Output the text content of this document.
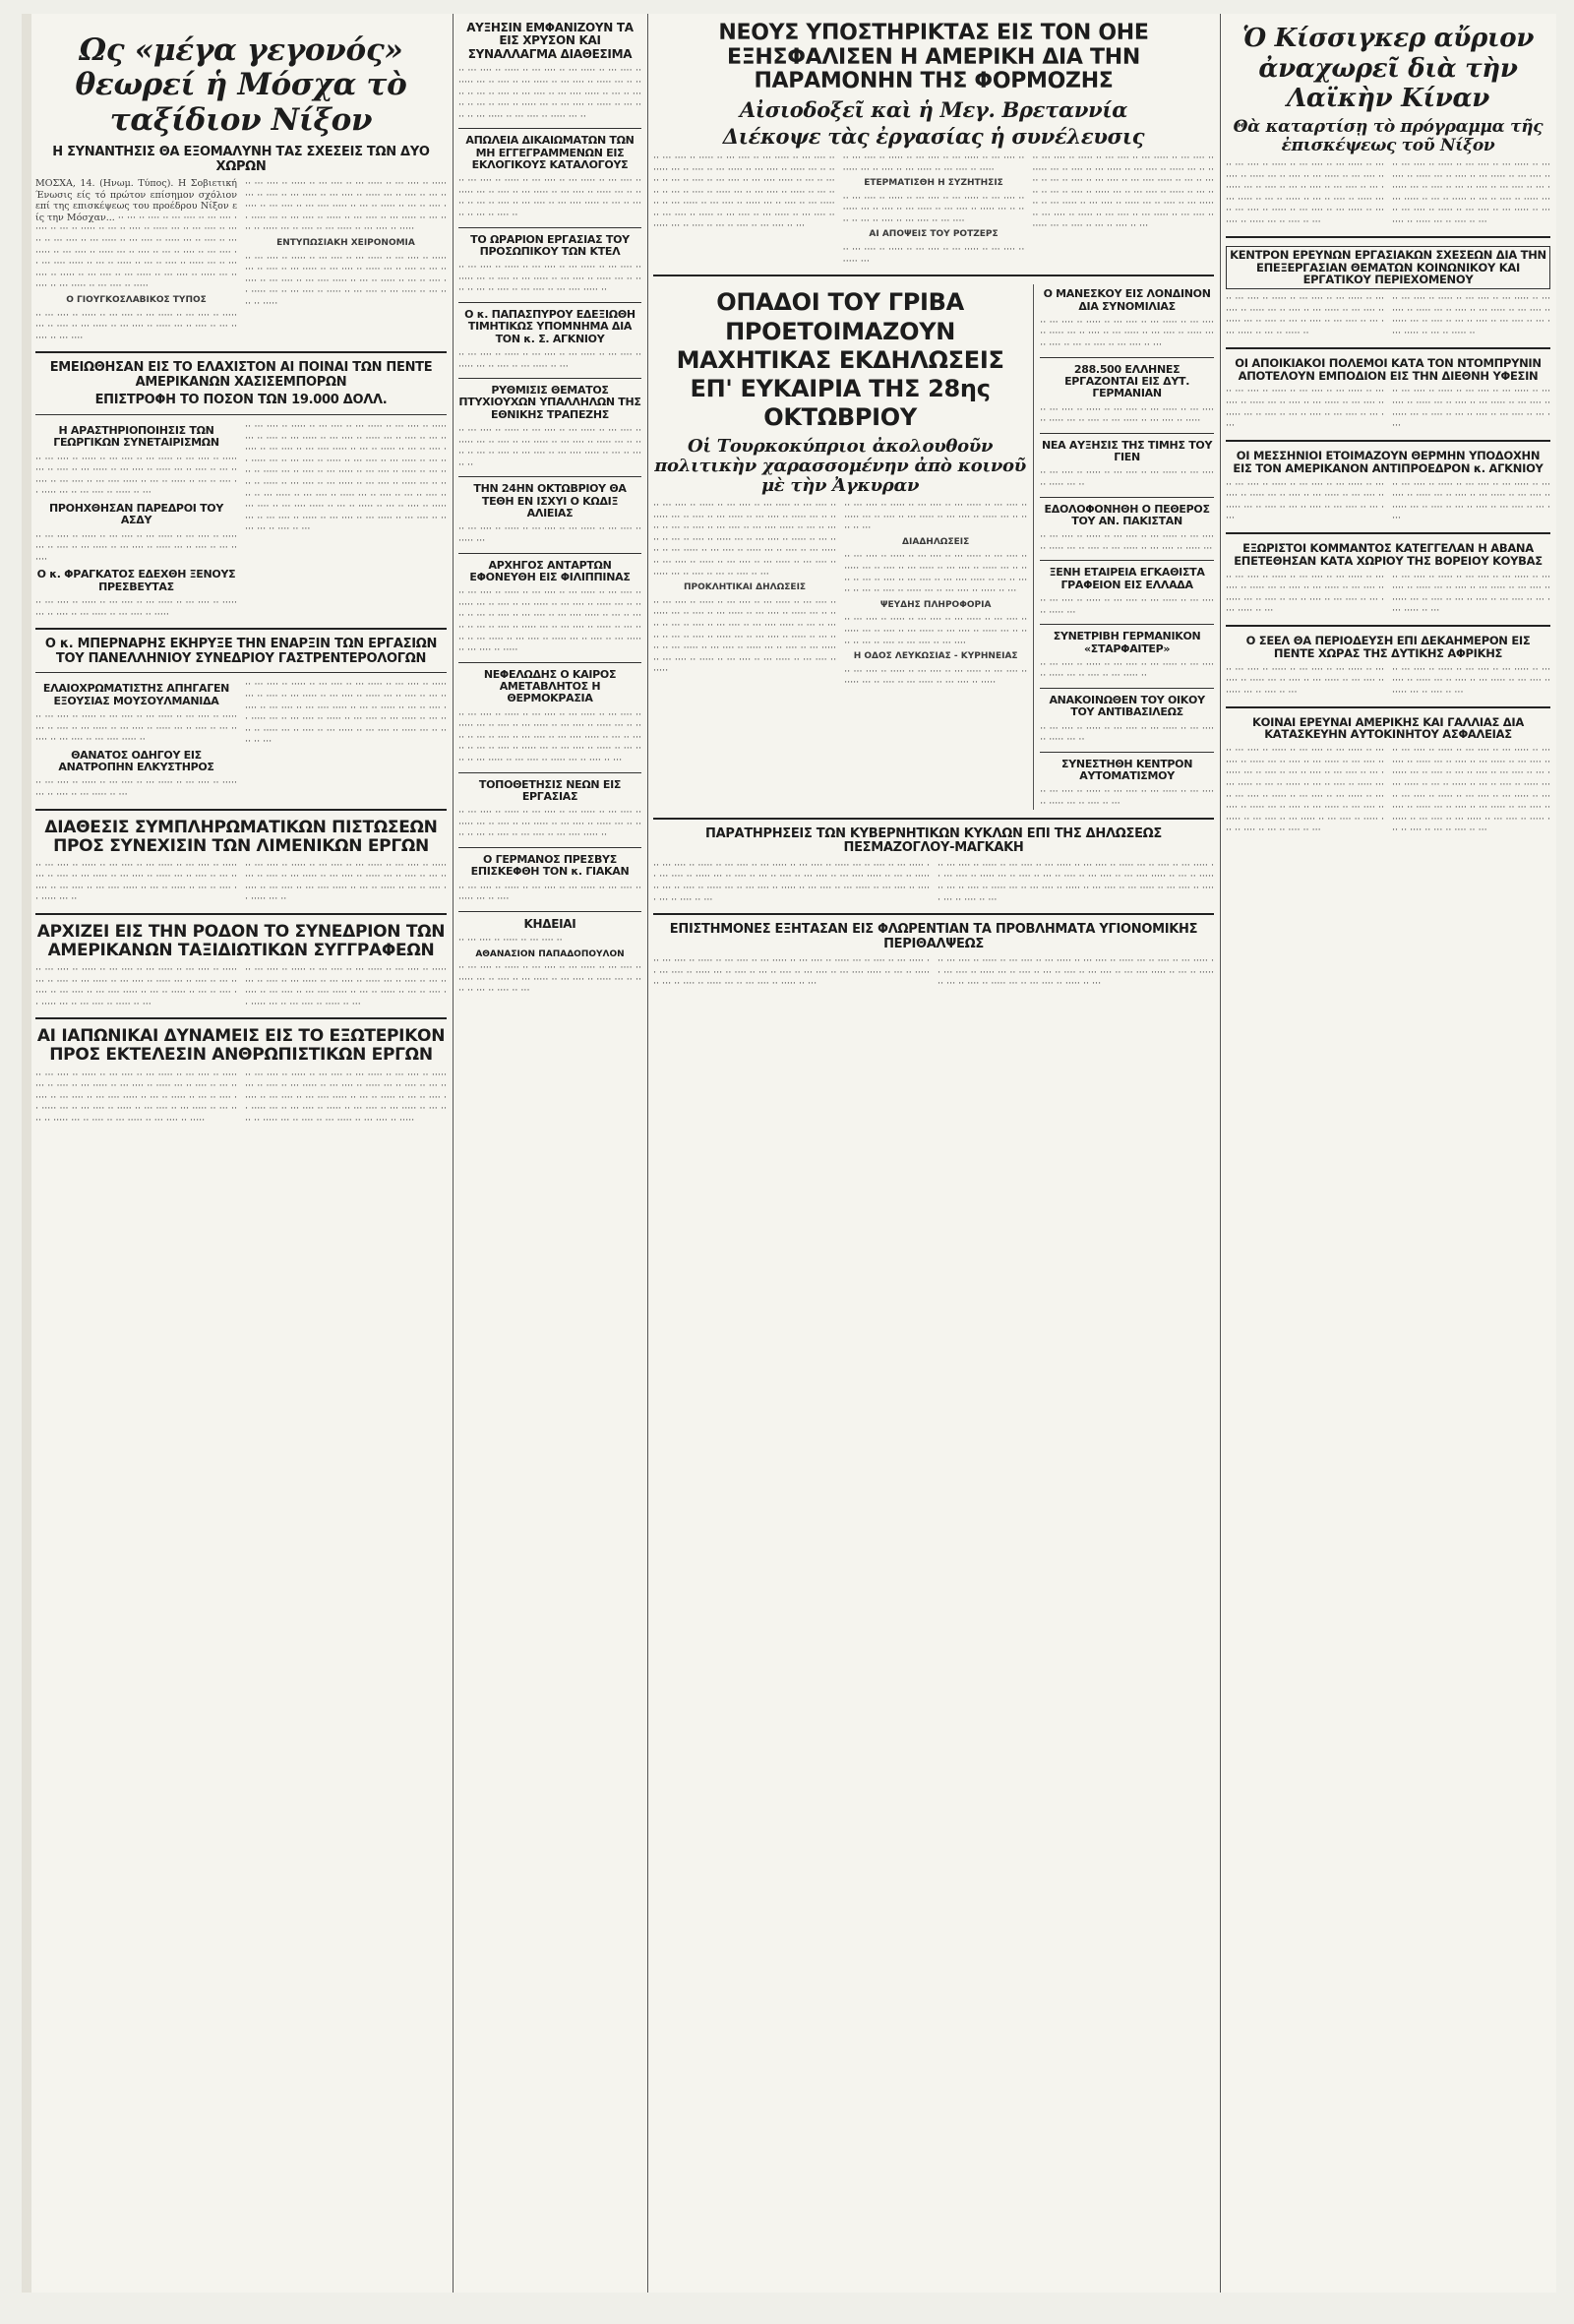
Ως «μέγα γεγονός» θεωρεί ἡ Μόσχα τὸ ταξίδιον Νίξον
Η ΣΥΝΑΝΤΗΣΙΣ ΘΑ ΕΞΟΜΑΛΥΝΗ ΤΑΣ ΣΧΕΣΕΙΣ ΤΩΝ ΔΥΟ ΧΩΡΩΝ
ΜΟΣΧΑ, 14. (Ηνωμ. Τύπος). Η Σοβιετική Ένωσις είς τό πρώτον επίσημον σχόλιον επί της επισκέψεως του προέδρου Νίξον είς την Μόσχαν... ·· ··· ·· ···· ·· ··· ···· ·· ··· ···· ····· ·· ··· ·· ····· ·· ··· ·· ···· ·· ····· ··· ·· ··· ···· ·· ····· ·· ··· ···· ·· ··· ····· ·· ··· ···· ·· ····· ··· ·· ···· ·· ··· ····· ·· ··· ···· ·· ····· ··· ·· ···· ·· ··· ·· ···· ·· ··· ···· ·· ··· ···· ····· ·· ··· ·· ····· ·· ··· ·· ···· ·· ····· ··· ·· ··· ···· ·· ····· ·· ··· ···· ·· ··· ····· ·· ··· ···· ·· ····· ··· ·· ···· ·· ··· ····· ·· ··· ···· ·· ·····
Ο ΓΙΟΥΓΚΟΣΛΑΒΙΚΟΣ ΤΥΠΟΣ
·· ··· ···· ·· ····· ·· ··· ···· ·· ··· ····· ·· ··· ···· ·· ····· ··· ·· ···· ·· ··· ····· ·· ··· ···· ·· ····· ··· ·· ···· ·· ··· ·· ···· ·· ··· ····
·· ··· ···· ·· ····· ·· ··· ···· ·· ··· ····· ·· ··· ···· ·· ····· ··· ·· ···· ·· ··· ····· ·· ··· ···· ·· ····· ··· ·· ···· ·· ··· ·· ···· ·· ··· ···· ·· ··· ···· ····· ·· ··· ·· ····· ·· ··· ·· ···· ·· ····· ··· ·· ··· ···· ·· ····· ·· ··· ···· ·· ··· ····· ·· ··· ···· ·· ····· ··· ·· ···· ·· ··· ····· ·· ··· ···· ·· ·····
ΕΝΤΥΠΩΣΙΑΚΗ ΧΕΙΡΟΝΟΜΙΑ
·· ··· ···· ·· ····· ·· ··· ···· ·· ··· ····· ·· ··· ···· ·· ····· ··· ·· ···· ·· ··· ····· ·· ··· ···· ·· ····· ··· ·· ···· ·· ··· ·· ···· ·· ··· ···· ·· ··· ···· ····· ·· ··· ·· ····· ·· ··· ·· ···· ·· ····· ··· ·· ··· ···· ·· ····· ·· ··· ···· ·· ··· ····· ·· ··· ···· ·· ·····
ΕΜΕΙΩΘΗΣΑΝ ΕΙΣ ΤΟ ΕΛΑΧΙΣΤΟΝ ΑΙ ΠΟΙΝΑΙ ΤΩΝ ΠΕΝΤΕ ΑΜΕΡΙΚΑΝΩΝ ΧΑΣΙΣΕΜΠΟΡΩΝ
ΕΠΙΣΤΡΟΦΗ ΤΟ ΠΟΣΟΝ ΤΩΝ 19.000 ΔΟΛΛ.
Η ΑΡΑΣΤΗΡΙΟΠΟΙΗΣΙΣ ΤΩΝ ΓΕΩΡΓΙΚΩΝ ΣΥΝΕΤΑΙΡΙΣΜΩΝ
·· ··· ···· ·· ····· ·· ··· ···· ·· ··· ····· ·· ··· ···· ·· ····· ··· ·· ···· ·· ··· ····· ·· ··· ···· ·· ····· ··· ·· ···· ·· ··· ·· ···· ·· ··· ···· ·· ··· ···· ····· ·· ··· ·· ····· ·· ··· ·· ···· ·· ····· ··· ·· ··· ···· ·· ····· ·· ···
ΠΡΟΗΧΘΗΣΑΝ ΠΑΡΕΔΡΟΙ ΤΟΥ ΑΣΔΥ
·· ··· ···· ·· ····· ·· ··· ···· ·· ··· ····· ·· ··· ···· ·· ····· ··· ·· ···· ·· ··· ····· ·· ··· ···· ·· ····· ··· ·· ···· ·· ··· ·· ····
Ο κ. ΦΡΑΓΚΑΤΟΣ ΕΔΕΧΘΗ ΞΕΝΟΥΣ ΠΡΕΣΒΕΥΤΑΣ
·· ··· ···· ·· ····· ·· ··· ···· ·· ··· ····· ·· ··· ···· ·· ····· ··· ·· ···· ·· ··· ····· ·· ··· ···· ·· ·····
·· ··· ···· ·· ····· ·· ··· ···· ·· ··· ····· ·· ··· ···· ·· ····· ··· ·· ···· ·· ··· ····· ·· ··· ···· ·· ····· ··· ·· ···· ·· ··· ·· ···· ·· ··· ···· ·· ··· ···· ····· ·· ··· ·· ····· ·· ··· ·· ···· ·· ····· ··· ·· ··· ···· ·· ····· ·· ··· ···· ·· ··· ····· ·· ··· ···· ·· ····· ··· ·· ···· ·· ··· ····· ·· ··· ···· ·· ····· ·· ··· ···· ·· ····· ·· ··· ···· ·· ··· ····· ·· ··· ···· ·· ····· ··· ·· ···· ·· ··· ····· ·· ··· ···· ·· ····· ··· ·· ···· ·· ··· ·· ···· ·· ··· ···· ·· ··· ···· ····· ·· ··· ·· ····· ·· ··· ·· ···· ·· ····· ··· ·· ··· ···· ·· ····· ·· ··· ···· ·· ··· ····· ·· ··· ···· ·· ····· ··· ·· ···· ·· ···
Ο κ. ΜΠΕΡΝΑΡΗΣ ΕΚΗΡΥΞΕ ΤΗΝ ΕΝΑΡΞΙΝ ΤΩΝ ΕΡΓΑΣΙΩΝ ΤΟΥ ΠΑΝΕΛΛΗΝΙΟΥ ΣΥΝΕΔΡΙΟΥ ΓΑΣΤΡΕΝΤΕΡΟΛΟΓΩΝ
ΕΛΑΙΟΧΡΩΜΑΤΙΣΤΗΣ ΑΠΗΓΑΓΕΝ ΕΞΟΥΣΙΑΣ ΜΟΥΣΟΥΛΜΑΝΙΔΑ
·· ··· ···· ·· ····· ·· ··· ···· ·· ··· ····· ·· ··· ···· ·· ····· ··· ·· ···· ·· ··· ····· ·· ··· ···· ·· ····· ··· ·· ···· ·· ··· ·· ···· ·· ··· ···· ·· ··· ···· ····· ··
ΘΑΝΑΤΟΣ ΟΔΗΓΟΥ ΕΙΣ ΑΝΑΤΡΟΠΗΝ ΕΛΚΥΣΤΗΡΟΣ
·· ··· ···· ·· ····· ·· ··· ···· ·· ··· ····· ·· ··· ···· ·· ····· ··· ·· ···· ·· ··· ····· ·· ···
·· ··· ···· ·· ····· ·· ··· ···· ·· ··· ····· ·· ··· ···· ·· ····· ··· ·· ···· ·· ··· ····· ·· ··· ···· ·· ····· ··· ·· ···· ·· ··· ·· ···· ·· ··· ···· ·· ··· ···· ····· ·· ··· ·· ····· ·· ··· ·· ···· ·· ····· ··· ·· ··· ···· ·· ····· ·· ··· ···· ·· ··· ····· ·· ··· ···· ·· ····· ··· ·· ···· ·· ··· ····· ·· ··· ···· ·· ····· ··· ·· ···· ·· ···
ΔΙΑΘΕΣΙΣ ΣΥΜΠΛΗΡΩΜΑΤΙΚΩΝ ΠΙΣΤΩΣΕΩΝ ΠΡΟΣ ΣΥΝΕΧΙΣΙΝ ΤΩΝ ΛΙΜΕΝΙΚΩΝ ΕΡΓΩΝ
·· ··· ···· ·· ····· ·· ··· ···· ·· ··· ····· ·· ··· ···· ·· ····· ··· ·· ···· ·· ··· ····· ·· ··· ···· ·· ····· ··· ·· ···· ·· ··· ·· ···· ·· ··· ···· ·· ··· ···· ····· ·· ··· ·· ····· ·· ··· ·· ···· ·· ····· ··· ··
·· ··· ···· ·· ····· ·· ··· ···· ·· ··· ····· ·· ··· ···· ·· ····· ··· ·· ···· ·· ··· ····· ·· ··· ···· ·· ····· ··· ·· ···· ·· ··· ·· ···· ·· ··· ···· ·· ··· ···· ····· ·· ··· ·· ····· ·· ··· ·· ···· ·· ····· ··· ··
ΑΡΧΙΖΕΙ ΕΙΣ ΤΗΝ ΡΟΔΟΝ ΤΟ ΣΥΝΕΔΡΙΟΝ ΤΩΝ ΑΜΕΡΙΚΑΝΩΝ ΤΑΞΙΔΙΩΤΙΚΩΝ ΣΥΓΓΡΑΦΕΩΝ
·· ··· ···· ·· ····· ·· ··· ···· ·· ··· ····· ·· ··· ···· ·· ····· ··· ·· ···· ·· ··· ····· ·· ··· ···· ·· ····· ··· ·· ···· ·· ··· ·· ···· ·· ··· ···· ·· ··· ···· ····· ·· ··· ·· ····· ·· ··· ·· ···· ·· ····· ··· ·· ··· ···· ·· ····· ·· ···
·· ··· ···· ·· ····· ·· ··· ···· ·· ··· ····· ·· ··· ···· ·· ····· ··· ·· ···· ·· ··· ····· ·· ··· ···· ·· ····· ··· ·· ···· ·· ··· ·· ···· ·· ··· ···· ·· ··· ···· ····· ·· ··· ·· ····· ·· ··· ·· ···· ·· ····· ··· ·· ··· ···· ·· ····· ·· ···
ΑΙ ΙΑΠΩΝΙΚΑΙ ΔΥΝΑΜΕΙΣ ΕΙΣ ΤΟ ΕΞΩΤΕΡΙΚΟΝ ΠΡΟΣ ΕΚΤΕΛΕΣΙΝ ΑΝΘΡΩΠΙΣΤΙΚΩΝ ΕΡΓΩΝ
·· ··· ···· ·· ····· ·· ··· ···· ·· ··· ····· ·· ··· ···· ·· ····· ··· ·· ···· ·· ··· ····· ·· ··· ···· ·· ····· ··· ·· ···· ·· ··· ·· ···· ·· ··· ···· ·· ··· ···· ····· ·· ··· ·· ····· ·· ··· ·· ···· ·· ····· ··· ·· ··· ···· ·· ····· ·· ··· ···· ·· ··· ····· ·· ··· ···· ·· ····· ··· ·· ···· ·· ··· ····· ·· ··· ···· ·· ·····
·· ··· ···· ·· ····· ·· ··· ···· ·· ··· ····· ·· ··· ···· ·· ····· ··· ·· ···· ·· ··· ····· ·· ··· ···· ·· ····· ··· ·· ···· ·· ··· ·· ···· ·· ··· ···· ·· ··· ···· ····· ·· ··· ·· ····· ·· ··· ·· ···· ·· ····· ··· ·· ··· ···· ·· ····· ·· ··· ···· ·· ··· ····· ·· ··· ···· ·· ····· ··· ·· ···· ·· ··· ····· ·· ··· ···· ·· ·····
ΑΥΞΗΣΙΝ ΕΜΦΑΝΙΖΟΥΝ ΤΑ ΕΙΣ ΧΡΥΣΟΝ ΚΑΙ ΣΥΝΑΛΛΑΓΜΑ ΔΙΑΘΕΣΙΜΑ
·· ··· ···· ·· ····· ·· ··· ···· ·· ··· ····· ·· ··· ···· ·· ····· ··· ·· ···· ·· ··· ····· ·· ··· ···· ·· ····· ··· ·· ···· ·· ··· ·· ···· ·· ··· ···· ·· ··· ···· ····· ·· ··· ·· ····· ·· ··· ·· ···· ·· ····· ··· ·· ··· ···· ·· ····· ·· ··· ···· ·· ··· ····· ·· ··· ···· ·· ····· ··· ··
ΑΠΩΛΕΙΑ ΔΙΚΑΙΩΜΑΤΩΝ ΤΩΝ ΜΗ ΕΓΓΕΓΡΑΜΜΕΝΩΝ ΕΙΣ ΕΚΛΟΓΙΚΟΥΣ ΚΑΤΑΛΟΓΟΥΣ
·· ··· ···· ·· ····· ·· ··· ···· ·· ··· ····· ·· ··· ···· ·· ····· ··· ·· ···· ·· ··· ····· ·· ··· ···· ·· ····· ··· ·· ···· ·· ··· ·· ···· ·· ··· ···· ·· ··· ···· ····· ·· ··· ·· ····· ·· ··· ·· ···· ··
ΤΟ ΩΡΑΡΙΟΝ ΕΡΓΑΣΙΑΣ ΤΟΥ ΠΡΟΣΩΠΙΚΟΥ ΤΩΝ ΚΤΕΛ
·· ··· ···· ·· ····· ·· ··· ···· ·· ··· ····· ·· ··· ···· ·· ····· ··· ·· ···· ·· ··· ····· ·· ··· ···· ·· ····· ··· ·· ···· ·· ··· ·· ···· ·· ··· ···· ·· ··· ···· ····· ··
Ο κ. ΠΑΠΑΣΠΥΡΟΥ ΕΔΕΞΙΩΘΗ ΤΙΜΗΤΙΚΩΣ ΥΠΟΜΝΗΜΑ ΔΙΑ ΤΟΝ κ. Σ. ΑΓΚΝΙΟΥ
·· ··· ···· ·· ····· ·· ··· ···· ·· ··· ····· ·· ··· ···· ·· ····· ··· ·· ···· ·· ··· ····· ·· ···
ΡΥΘΜΙΣΙΣ ΘΕΜΑΤΟΣ ΠΤΥΧΙΟΥΧΩΝ ΥΠΑΛΛΗΛΩΝ ΤΗΣ ΕΘΝΙΚΗΣ ΤΡΑΠΕΖΗΣ
·· ··· ···· ·· ····· ·· ··· ···· ·· ··· ····· ·· ··· ···· ·· ····· ··· ·· ···· ·· ··· ····· ·· ··· ···· ·· ····· ··· ·· ···· ·· ··· ·· ···· ·· ··· ···· ·· ··· ···· ····· ·· ··· ·· ····· ··
ΤΗΝ 24ΗΝ ΟΚΤΩΒΡΙΟΥ ΘΑ ΤΕΘΗ ΕΝ ΙΣΧΥΙ Ο ΚΩΔΙΞ ΑΛΙΕΙΑΣ
·· ··· ···· ·· ····· ·· ··· ···· ·· ··· ····· ·· ··· ···· ·· ····· ···
ΑΡΧΗΓΟΣ ΑΝΤΑΡΤΩΝ ΕΦΟΝΕΥΘΗ ΕΙΣ ΦΙΛΙΠΠΙΝΑΣ
·· ··· ···· ·· ····· ·· ··· ···· ·· ··· ····· ·· ··· ···· ·· ····· ··· ·· ···· ·· ··· ····· ·· ··· ···· ·· ····· ··· ·· ···· ·· ··· ·· ···· ·· ··· ···· ·· ··· ···· ····· ·· ··· ·· ····· ·· ··· ·· ···· ·· ····· ··· ·· ··· ···· ·· ····· ·· ··· ···· ·· ··· ····· ·· ··· ···· ·· ····· ··· ·· ···· ·· ··· ····· ·· ··· ···· ·· ·····
ΝΕΦΕΛΩΔΗΣ Ο ΚΑΙΡΟΣ ΑΜΕΤΑΒΛΗΤΟΣ Η ΘΕΡΜΟΚΡΑΣΙΑ
·· ··· ···· ·· ····· ·· ··· ···· ·· ··· ····· ·· ··· ···· ·· ····· ··· ·· ···· ·· ··· ····· ·· ··· ···· ·· ····· ··· ·· ···· ·· ··· ·· ···· ·· ··· ···· ·· ··· ···· ····· ·· ··· ·· ····· ·· ··· ·· ···· ·· ····· ··· ·· ··· ···· ·· ····· ·· ··· ···· ·· ··· ····· ·· ··· ···· ·· ····· ··· ·· ···· ·· ···
ΤΟΠΟΘΕΤΗΣΙΣ ΝΕΩΝ ΕΙΣ ΕΡΓΑΣΙΑΣ
·· ··· ···· ·· ····· ·· ··· ···· ·· ··· ····· ·· ··· ···· ·· ····· ··· ·· ···· ·· ··· ····· ·· ··· ···· ·· ····· ··· ·· ···· ·· ··· ·· ···· ·· ··· ···· ·· ··· ···· ····· ··
Ο ΓΕΡΜΑΝΟΣ ΠΡΕΣΒΥΣ ΕΠΙΣΚΕΦΘΗ ΤΟΝ κ. ΓΙΑΚΑΝ
·· ··· ···· ·· ····· ·· ··· ···· ·· ··· ····· ·· ··· ···· ·· ····· ··· ·· ····
ΚΗΔΕΙΑΙ
·· ··· ···· ·· ····· ·· ··· ···· ··
ΑΘΑΝΑΣΙΟΝ ΠΑΠΑΔΟΠΟΥΛΟΝ
·· ··· ···· ·· ····· ·· ··· ···· ·· ··· ····· ·· ··· ···· ·· ····· ··· ·· ···· ·· ··· ····· ·· ··· ···· ·· ····· ··· ·· ···· ·· ··· ·· ···· ·· ···
ΝΕΟΥΣ ΥΠΟΣΤΗΡΙΚΤΑΣ ΕΙΣ ΤΟΝ ΟΗΕ ΕΞΗΣΦΑΛΙΣΕΝ Η ΑΜΕΡΙΚΗ ΔΙΑ ΤΗΝ ΠΑΡΑΜΟΝΗΝ ΤΗΣ ΦΟΡΜΟΖΗΣ
Αἰσιοδοξεῖ καὶ ἡ Μεγ. Βρεταννία
Διέκοψε τὰς ἐργασίας ἡ συνέλευσις
·· ··· ···· ·· ····· ·· ··· ···· ·· ··· ····· ·· ··· ···· ·· ····· ··· ·· ···· ·· ··· ····· ·· ··· ···· ·· ····· ··· ·· ···· ·· ··· ·· ···· ·· ··· ···· ·· ··· ···· ····· ·· ··· ·· ····· ·· ··· ·· ···· ·· ····· ··· ·· ··· ···· ·· ····· ·· ··· ···· ·· ··· ····· ·· ··· ···· ·· ····· ··· ·· ···· ·· ··· ····· ·· ··· ···· ·· ····· ·· ··· ···· ·· ··· ····· ·· ··· ···· ·· ····· ··· ·· ···· ·· ··· ·· ···· ·· ··· ···· ·· ···
·· ··· ···· ·· ····· ·· ··· ···· ·· ··· ····· ·· ··· ···· ·· ····· ··· ·· ···· ·· ··· ····· ·· ··· ···· ·· ·····
ΕΤΕΡΜΑΤΙΣΘΗ Η ΣΥΖΗΤΗΣΙΣ
·· ··· ···· ·· ····· ·· ··· ···· ·· ··· ····· ·· ··· ···· ·· ····· ··· ·· ···· ·· ··· ····· ·· ··· ···· ·· ····· ··· ·· ···· ·· ··· ·· ···· ·· ··· ···· ·· ··· ····
ΑΙ ΑΠΟΨΕΙΣ ΤΟΥ ΡΟΤΖΕΡΣ
·· ··· ···· ·· ····· ·· ··· ···· ·· ··· ····· ·· ··· ···· ·· ····· ···
·· ··· ···· ·· ····· ·· ··· ···· ·· ··· ····· ·· ··· ···· ·· ····· ··· ·· ···· ·· ··· ····· ·· ··· ···· ·· ····· ··· ·· ···· ·· ··· ·· ···· ·· ··· ···· ·· ··· ···· ····· ·· ··· ·· ····· ·· ··· ·· ···· ·· ····· ··· ·· ··· ···· ·· ····· ·· ··· ···· ·· ··· ····· ·· ··· ···· ·· ····· ··· ·· ···· ·· ··· ····· ·· ··· ···· ·· ····· ·· ··· ···· ·· ··· ····· ·· ··· ···· ·· ····· ··· ·· ···· ·· ··· ·· ···· ·· ···
ΟΠΑΔΟΙ ΤΟΥ ΓΡΙΒΑ ΠΡΟΕΤΟΙΜΑΖΟΥΝ ΜΑΧΗΤΙΚΑΣ ΕΚΔΗΛΩΣΕΙΣ ΕΠ' ΕΥΚΑΙΡΙΑ ΤΗΣ 28ης ΟΚΤΩΒΡΙΟΥ
Οἱ Τουρκοκύπριοι ἀκολουθοῦν πολιτικὴν χαρασσομένην ἀπὸ κοινοῦ μὲ τὴν Ἀγκυραν
·· ··· ···· ·· ····· ·· ··· ···· ·· ··· ····· ·· ··· ···· ·· ····· ··· ·· ···· ·· ··· ····· ·· ··· ···· ·· ····· ··· ·· ···· ·· ··· ·· ···· ·· ··· ···· ·· ··· ···· ····· ·· ··· ·· ····· ·· ··· ·· ···· ·· ····· ··· ·· ··· ···· ·· ····· ·· ··· ···· ·· ··· ····· ·· ··· ···· ·· ····· ··· ·· ···· ·· ··· ····· ·· ··· ···· ·· ····· ·· ··· ···· ·· ··· ····· ·· ··· ···· ·· ····· ··· ·· ···· ·· ··· ·· ···· ·· ···
ΠΡΟΚΛΗΤΙΚΑΙ ΔΗΛΩΣΕΙΣ
·· ··· ···· ·· ····· ·· ··· ···· ·· ··· ····· ·· ··· ···· ·· ····· ··· ·· ···· ·· ··· ····· ·· ··· ···· ·· ····· ··· ·· ···· ·· ··· ·· ···· ·· ··· ···· ·· ··· ···· ····· ·· ··· ·· ····· ·· ··· ·· ···· ·· ····· ··· ·· ··· ···· ·· ····· ·· ··· ···· ·· ··· ····· ·· ··· ···· ·· ····· ··· ·· ···· ·· ··· ····· ·· ··· ···· ·· ····· ·· ··· ···· ·· ··· ····· ·· ··· ···· ·· ·····
·· ··· ···· ·· ····· ·· ··· ···· ·· ··· ····· ·· ··· ···· ·· ····· ··· ·· ···· ·· ··· ····· ·· ··· ···· ·· ····· ··· ·· ···· ·· ···
ΔΙΑΔΗΛΩΣΕΙΣ
·· ··· ···· ·· ····· ·· ··· ···· ·· ··· ····· ·· ··· ···· ·· ····· ··· ·· ···· ·· ··· ····· ·· ··· ···· ·· ····· ··· ·· ···· ·· ··· ·· ···· ·· ··· ···· ·· ··· ···· ····· ·· ··· ·· ····· ·· ··· ·· ···· ·· ····· ··· ·· ··· ···· ·· ····· ·· ···
ΨΕΥΔΗΣ ΠΛΗΡΟΦΟΡΙΑ
·· ··· ···· ·· ····· ·· ··· ···· ·· ··· ····· ·· ··· ···· ·· ····· ··· ·· ···· ·· ··· ····· ·· ··· ···· ·· ····· ··· ·· ···· ·· ··· ·· ···· ·· ··· ···· ·· ··· ····
Η ΟΔΟΣ ΛΕΥΚΩΣΙΑΣ - ΚΥΡΗΝΕΙΑΣ
·· ··· ···· ·· ····· ·· ··· ···· ·· ··· ····· ·· ··· ···· ·· ····· ··· ·· ···· ·· ··· ····· ·· ··· ···· ·· ·····
Ο ΜΑΝΕΣΚΟΥ ΕΙΣ ΛΟΝΔΙΝΟΝ ΔΙΑ ΣΥΝΟΜΙΛΙΑΣ
·· ··· ···· ·· ····· ·· ··· ···· ·· ··· ····· ·· ··· ···· ·· ····· ··· ·· ···· ·· ··· ····· ·· ··· ···· ·· ····· ··· ·· ···· ·· ··· ·· ···· ·· ··· ···· ·· ···
288.500 ΕΛΛΗΝΕΣ ΕΡΓΑΖΟΝΤΑΙ ΕΙΣ ΔΥΤ. ΓΕΡΜΑΝΙΑΝ
·· ··· ···· ·· ····· ·· ··· ···· ·· ··· ····· ·· ··· ···· ·· ····· ··· ·· ···· ·· ··· ····· ·· ··· ···· ·· ·····
ΝΕΑ ΑΥΞΗΣΙΣ ΤΗΣ ΤΙΜΗΣ ΤΟΥ ΓΙΕΝ
·· ··· ···· ·· ····· ·· ··· ···· ·· ··· ····· ·· ··· ···· ·· ····· ··· ··
ΕΔΟΛΟΦΟΝΗΘΗ Ο ΠΕΘΕΡΟΣ ΤΟΥ ΑΝ. ΠΑΚΙΣΤΑΝ
·· ··· ···· ·· ····· ·· ··· ···· ·· ··· ····· ·· ··· ···· ·· ····· ··· ·· ···· ·· ··· ····· ·· ··· ···· ·· ····· ···
ΞΕΝΗ ΕΤΑΙΡΕΙΑ ΕΓΚΑΘΙΣΤΑ ΓΡΑΦΕΙΟΝ ΕΙΣ ΕΛΛΑΔΑ
·· ··· ···· ·· ····· ·· ··· ···· ·· ··· ····· ·· ··· ···· ·· ····· ···
ΣΥΝΕΤΡΙΒΗ ΓΕΡΜΑΝΙΚΟΝ «ΣΤΑΡΦΑΙΤΕΡ»
·· ··· ···· ·· ····· ·· ··· ···· ·· ··· ····· ·· ··· ···· ·· ····· ··· ·· ···· ·· ··· ····· ··
ΑΝΑΚΟΙΝΩΘΕΝ ΤΟΥ ΟΙΚΟΥ ΤΟΥ ΑΝΤΙΒΑΣΙΛΕΩΣ
·· ··· ···· ·· ····· ·· ··· ···· ·· ··· ····· ·· ··· ···· ·· ····· ··· ··
ΣΥΝΕΣΤΗΘΗ ΚΕΝΤΡΟΝ ΑΥΤΟΜΑΤΙΣΜΟΥ
·· ··· ···· ·· ····· ·· ··· ···· ·· ··· ····· ·· ··· ···· ·· ····· ··· ·· ···· ·· ···
ΠΑΡΑΤΗΡΗΣΕΙΣ ΤΩΝ ΚΥΒΕΡΝΗΤΙΚΩΝ ΚΥΚΛΩΝ ΕΠΙ ΤΗΣ ΔΗΛΩΣΕΩΣ ΠΕΣΜΑΖΟΓΛΟΥ-ΜΑΓΚΑΚΗ
·· ··· ···· ·· ····· ·· ··· ···· ·· ··· ····· ·· ··· ···· ·· ····· ··· ·· ···· ·· ··· ····· ·· ··· ···· ·· ····· ··· ·· ···· ·· ··· ·· ···· ·· ··· ···· ·· ··· ···· ····· ·· ··· ·· ····· ·· ··· ·· ···· ·· ····· ··· ·· ··· ···· ·· ····· ·· ··· ···· ·· ··· ····· ·· ··· ···· ·· ····· ··· ·· ···· ·· ···
·· ··· ···· ·· ····· ·· ··· ···· ·· ··· ····· ·· ··· ···· ·· ····· ··· ·· ···· ·· ··· ····· ·· ··· ···· ·· ····· ··· ·· ···· ·· ··· ·· ···· ·· ··· ···· ·· ··· ···· ····· ·· ··· ·· ····· ·· ··· ·· ···· ·· ····· ··· ·· ··· ···· ·· ····· ·· ··· ···· ·· ··· ····· ·· ··· ···· ·· ····· ··· ·· ···· ·· ···
ΕΠΙΣΤΗΜΟΝΕΣ ΕΞΗΤΑΣΑΝ ΕΙΣ ΦΛΩΡΕΝΤΙΑΝ ΤΑ ΠΡΟΒΛΗΜΑΤΑ ΥΓΙΟΝΟΜΙΚΗΣ ΠΕΡΙΘΑΛΨΕΩΣ
·· ··· ···· ·· ····· ·· ··· ···· ·· ··· ····· ·· ··· ···· ·· ····· ··· ·· ···· ·· ··· ····· ·· ··· ···· ·· ····· ··· ·· ···· ·· ··· ·· ···· ·· ··· ···· ·· ··· ···· ····· ·· ··· ·· ····· ·· ··· ·· ···· ·· ····· ··· ·· ··· ···· ·· ····· ·· ···
·· ··· ···· ·· ····· ·· ··· ···· ·· ··· ····· ·· ··· ···· ·· ····· ··· ·· ···· ·· ··· ····· ·· ··· ···· ·· ····· ··· ·· ···· ·· ··· ·· ···· ·· ··· ···· ·· ··· ···· ····· ·· ··· ·· ····· ·· ··· ·· ···· ·· ····· ··· ·· ··· ···· ·· ····· ·· ···
Ὁ Κίσσιγκερ αὔριον ἀναχωρεῖ διὰ τὴν Λαϊκὴν Κίναν
Θὰ καταρτίσῃ τὸ πρόγραμμα τῆς ἐπισκέψεως τοῦ Νίξον
·· ··· ···· ·· ····· ·· ··· ···· ·· ··· ····· ·· ··· ···· ·· ····· ··· ·· ···· ·· ··· ····· ·· ··· ···· ·· ····· ··· ·· ···· ·· ··· ·· ···· ·· ··· ···· ·· ··· ···· ····· ·· ··· ·· ····· ·· ··· ·· ···· ·· ····· ··· ·· ··· ···· ·· ····· ·· ··· ···· ·· ··· ····· ·· ··· ···· ·· ····· ··· ·· ···· ·· ···
·· ··· ···· ·· ····· ·· ··· ···· ·· ··· ····· ·· ··· ···· ·· ····· ··· ·· ···· ·· ··· ····· ·· ··· ···· ·· ····· ··· ·· ···· ·· ··· ·· ···· ·· ··· ···· ·· ··· ···· ····· ·· ··· ·· ····· ·· ··· ·· ···· ·· ····· ··· ·· ··· ···· ·· ····· ·· ··· ···· ·· ··· ····· ·· ··· ···· ·· ····· ··· ·· ···· ·· ···
ΚΕΝΤΡΟΝ ΕΡΕΥΝΩΝ ΕΡΓΑΣΙΑΚΩΝ ΣΧΕΣΕΩΝ ΔΙΑ ΤΗΝ ΕΠΕΞΕΡΓΑΣΙΑΝ ΘΕΜΑΤΩΝ ΚΟΙΝΩΝΙΚΟΥ ΚΑΙ ΕΡΓΑΤΙΚΟΥ ΠΕΡΙΕΧΟΜΕΝΟΥ
·· ··· ···· ·· ····· ·· ··· ···· ·· ··· ····· ·· ··· ···· ·· ····· ··· ·· ···· ·· ··· ····· ·· ··· ···· ·· ····· ··· ·· ···· ·· ··· ·· ···· ·· ··· ···· ·· ··· ···· ····· ·· ··· ·· ····· ··
·· ··· ···· ·· ····· ·· ··· ···· ·· ··· ····· ·· ··· ···· ·· ····· ··· ·· ···· ·· ··· ····· ·· ··· ···· ·· ····· ··· ·· ···· ·· ··· ·· ···· ·· ··· ···· ·· ··· ···· ····· ·· ··· ·· ····· ··
ΟΙ ΑΠΟΙΚΙΑΚΟΙ ΠΟΛΕΜΟΙ ΚΑΤΑ ΤΟΝ ΝΤΟΜΠΡΥΝΙΝ ΑΠΟΤΕΛΟΥΝ ΕΜΠΟΔΙΟΝ ΕΙΣ ΤΗΝ ΔΙΕΘΝΗ ΥΦΕΣΙΝ
·· ··· ···· ·· ····· ·· ··· ···· ·· ··· ····· ·· ··· ···· ·· ····· ··· ·· ···· ·· ··· ····· ·· ··· ···· ·· ····· ··· ·· ···· ·· ··· ·· ···· ·· ··· ···· ·· ··· ····
·· ··· ···· ·· ····· ·· ··· ···· ·· ··· ····· ·· ··· ···· ·· ····· ··· ·· ···· ·· ··· ····· ·· ··· ···· ·· ····· ··· ·· ···· ·· ··· ·· ···· ·· ··· ···· ·· ··· ····
ΟΙ ΜΕΣΣΗΝΙΟΙ ΕΤΟΙΜΑΖΟΥΝ ΘΕΡΜΗΝ ΥΠΟΔΟΧΗΝ ΕΙΣ ΤΟΝ ΑΜΕΡΙΚΑΝΟΝ ΑΝΤΙΠΡΟΕΔΡΟΝ κ. ΑΓΚΝΙΟΥ
·· ··· ···· ·· ····· ·· ··· ···· ·· ··· ····· ·· ··· ···· ·· ····· ··· ·· ···· ·· ··· ····· ·· ··· ···· ·· ····· ··· ·· ···· ·· ··· ·· ···· ·· ··· ···· ·· ··· ····
·· ··· ···· ·· ····· ·· ··· ···· ·· ··· ····· ·· ··· ···· ·· ····· ··· ·· ···· ·· ··· ····· ·· ··· ···· ·· ····· ··· ·· ···· ·· ··· ·· ···· ·· ··· ···· ·· ··· ····
ΕΞΩΡΙΣΤΟΙ ΚΟΜΜΑΝΤΟΣ ΚΑΤΕΓΓΕΛΑΝ Η ΑΒΑΝΑ ΕΠΕΤΕΘΗΣΑΝ ΚΑΤΑ ΧΩΡΙΟΥ ΤΗΣ ΒΟΡΕΙΟΥ ΚΟΥΒΑΣ
·· ··· ···· ·· ····· ·· ··· ···· ·· ··· ····· ·· ··· ···· ·· ····· ··· ·· ···· ·· ··· ····· ·· ··· ···· ·· ····· ··· ·· ···· ·· ··· ·· ···· ·· ··· ···· ·· ··· ···· ····· ·· ···
·· ··· ···· ·· ····· ·· ··· ···· ·· ··· ····· ·· ··· ···· ·· ····· ··· ·· ···· ·· ··· ····· ·· ··· ···· ·· ····· ··· ·· ···· ·· ··· ·· ···· ·· ··· ···· ·· ··· ···· ····· ·· ···
Ο ΣΕΕΛ ΘΑ ΠΕΡΙΟΔΕΥΣΗ ΕΠΙ ΔΕΚΑΗΜΕΡΟΝ ΕΙΣ ΠΕΝΤΕ ΧΩΡΑΣ ΤΗΣ ΔΥΤΙΚΗΣ ΑΦΡΙΚΗΣ
·· ··· ···· ·· ····· ·· ··· ···· ·· ··· ····· ·· ··· ···· ·· ····· ··· ·· ···· ·· ··· ····· ·· ··· ···· ·· ····· ··· ·· ···· ·· ···
·· ··· ···· ·· ····· ·· ··· ···· ·· ··· ····· ·· ··· ···· ·· ····· ··· ·· ···· ·· ··· ····· ·· ··· ···· ·· ····· ··· ·· ···· ·· ···
ΚΟΙΝΑΙ ΕΡΕΥΝΑΙ ΑΜΕΡΙΚΗΣ ΚΑΙ ΓΑΛΛΙΑΣ ΔΙΑ ΚΑΤΑΣΚΕΥΗΝ ΑΥΤΟΚΙΝΗΤΟΥ ΑΣΦΑΛΕΙΑΣ
·· ··· ···· ·· ····· ·· ··· ···· ·· ··· ····· ·· ··· ···· ·· ····· ··· ·· ···· ·· ··· ····· ·· ··· ···· ·· ····· ··· ·· ···· ·· ··· ·· ···· ·· ··· ···· ·· ··· ···· ····· ·· ··· ·· ····· ·· ··· ·· ···· ·· ····· ··· ·· ··· ···· ·· ····· ·· ··· ···· ·· ··· ····· ·· ··· ···· ·· ····· ··· ·· ···· ·· ··· ····· ·· ··· ···· ·· ····· ·· ··· ···· ·· ··· ····· ·· ··· ···· ·· ····· ··· ·· ···· ·· ··· ·· ···· ·· ···
·· ··· ···· ·· ····· ·· ··· ···· ·· ··· ····· ·· ··· ···· ·· ····· ··· ·· ···· ·· ··· ····· ·· ··· ···· ·· ····· ··· ·· ···· ·· ··· ·· ···· ·· ··· ···· ·· ··· ···· ····· ·· ··· ·· ····· ·· ··· ·· ···· ·· ····· ··· ·· ··· ···· ·· ····· ·· ··· ···· ·· ··· ····· ·· ··· ···· ·· ····· ··· ·· ···· ·· ··· ····· ·· ··· ···· ·· ····· ·· ··· ···· ·· ··· ····· ·· ··· ···· ·· ····· ··· ·· ···· ·· ··· ·· ···· ·· ···
